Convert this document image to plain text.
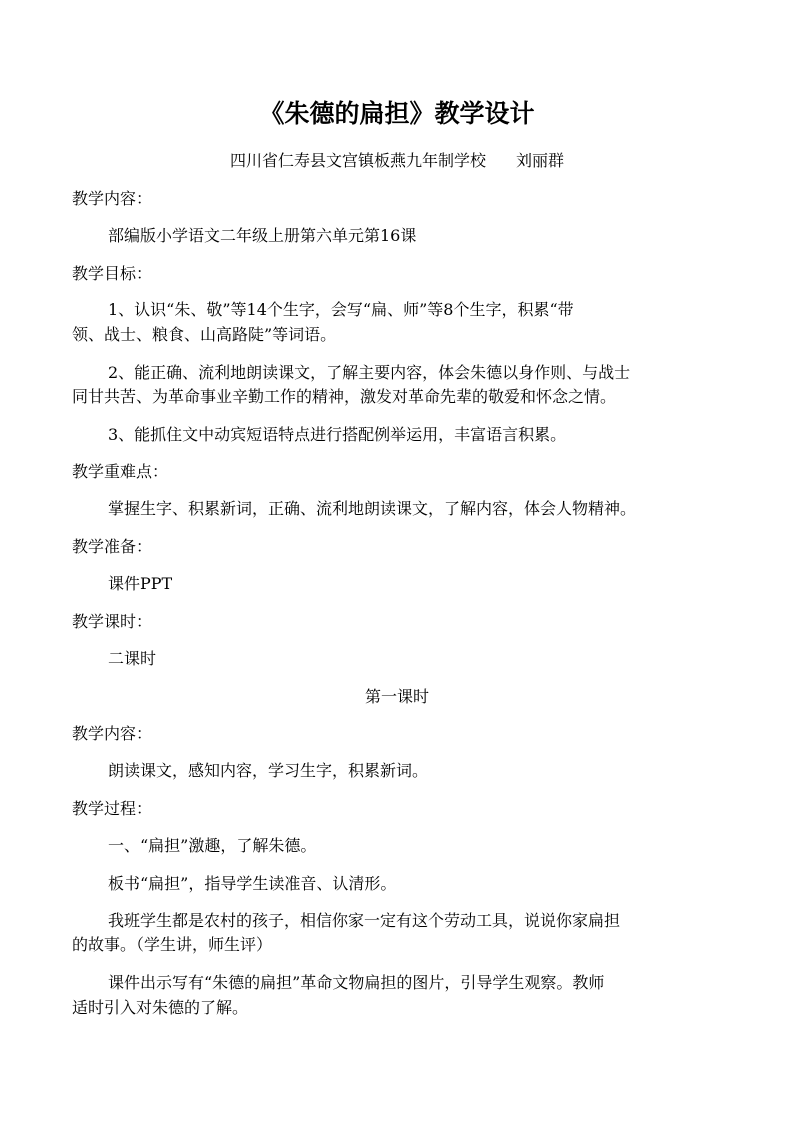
《朱德的扁担》教学设计

四川省仁寿县文宫镇板燕九年制学校 刘丽群

教学内容：

部编版小学语文二年级上册第六单元第16课

教学目标：

1、认识“朱、敬”等14个生字，会写“扁、师”等8个生字，积累“带

领、战士、粮食、山高路陡”等词语。

2、能正确、流利地朗读课文，了解主要内容，体会朱德以身作则、与战士

同甘共苦、为革命事业辛勤工作的精神，激发对革命先辈的敬爱和怀念之情。

3、能抓住文中动宾短语特点进行搭配例举运用，丰富语言积累。

教学重难点：

掌握生字、积累新词，正确、流利地朗读课文，了解内容，体会人物精神。

教学准备：

课件PPT

教学课时：

二课时

第一课时

教学内容：

朗读课文，感知内容，学习生字，积累新词。

教学过程：

一、“扁担”激趣，了解朱德。

板书“扁担”，指导学生读准音、认清形。

我班学生都是农村的孩子，相信你家一定有这个劳动工具，说说你家扁担

的故事。（学生讲，师生评）

课件出示写有“朱德的扁担”革命文物扁担的图片，引导学生观察。教师

适时引入对朱德的了解。
